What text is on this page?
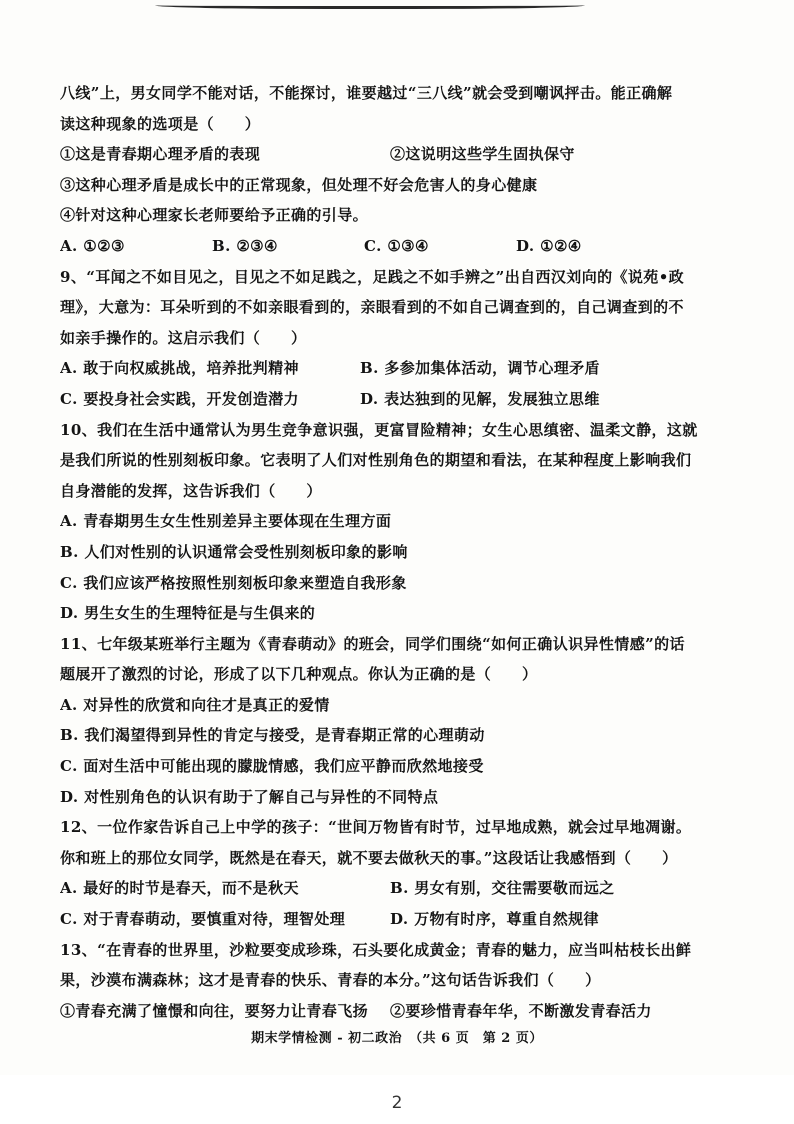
八线”上，男女同学不能对话，不能探讨，谁要越过“三八线”就会受到嘲讽抨击。能正确解
读这种现象的选项是（　　）
①这是青春期心理矛盾的表现	②这说明这些学生固执保守
③这种心理矛盾是成长中的正常现象，但处理不好会危害人的身心健康
④针对这种心理家长老师要给予正确的引导。
A. ①②③	B. ②③④	C. ①③④	D. ①②④
9、“耳闻之不如目见之，目见之不如足践之，足践之不如手辨之”出自西汉刘向的《说苑•政
理》，大意为：耳朵听到的不如亲眼看到的，亲眼看到的不如自己调查到的，自己调查到的不
如亲手操作的。这启示我们（　　）
A. 敢于向权威挑战，培养批判精神	B. 多参加集体活动，调节心理矛盾
C. 要投身社会实践，开发创造潜力	D. 表达独到的见解，发展独立思维
10、我们在生活中通常认为男生竞争意识强，更富冒险精神；女生心思缜密、温柔文静，这就
是我们所说的性别刻板印象。它表明了人们对性别角色的期望和看法，在某种程度上影响我们
自身潜能的发挥，这告诉我们（　　）
A. 青春期男生女生性别差异主要体现在生理方面
B. 人们对性别的认识通常会受性别刻板印象的影响
C. 我们应该严格按照性别刻板印象来塑造自我形象
D. 男生女生的生理特征是与生俱来的
11、七年级某班举行主题为《青春萌动》的班会，同学们围绕“如何正确认识异性情感”的话
题展开了激烈的讨论，形成了以下几种观点。你认为正确的是（　　）
A. 对异性的欣赏和向往才是真正的爱情
B. 我们渴望得到异性的肯定与接受，是青春期正常的心理萌动
C. 面对生活中可能出现的朦胧情感，我们应平静而欣然地接受
D. 对性别角色的认识有助于了解自己与异性的不同特点
12、一位作家告诉自己上中学的孩子：“世间万物皆有时节，过早地成熟，就会过早地凋谢。
你和班上的那位女同学，既然是在春天，就不要去做秋天的事。”这段话让我感悟到（　　）
A. 最好的时节是春天，而不是秋天	B. 男女有别，交往需要敬而远之
C. 对于青春萌动，要慎重对待，理智处理	D. 万物有时序，尊重自然规律
13、“在青春的世界里，沙粒要变成珍珠，石头要化成黄金；青春的魅力，应当叫枯枝长出鲜
果，沙漠布满森林；这才是青春的快乐、青春的本分。”这句话告诉我们（　　）
①青春充满了憧憬和向往，要努力让青春飞扬	②要珍惜青春年华，不断激发青春活力
期末学情检测 - 初二政治　（共 6 页　第 2 页）
2
